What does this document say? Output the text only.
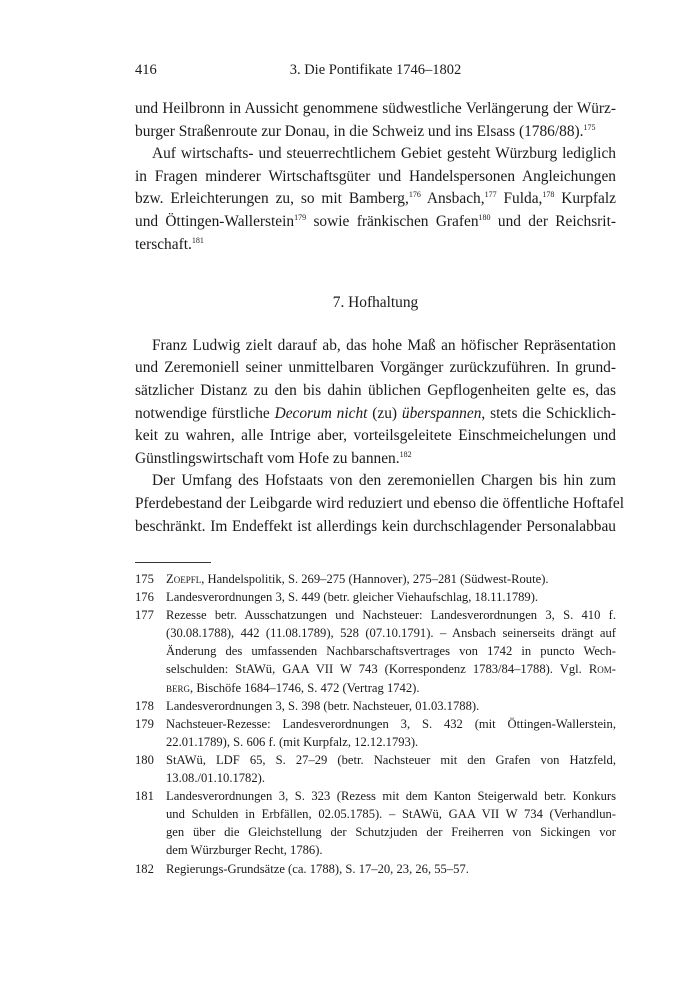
416	3. Die Pontifikate 1746–1802
und Heilbronn in Aussicht genommene südwestliche Verlängerung der Würz-
burger Straßenroute zur Donau, in die Schweiz und ins Elsass (1786/88).$^{175}$
Auf wirtschafts- und steuerrechtlichem Gebiet gesteht Würzburg lediglich
in Fragen minderer Wirtschaftsgüter und Handelspersonen Angleichungen
bzw. Erleichterungen zu, so mit Bamberg,$^{176}$ Ansbach,$^{177}$ Fulda,$^{178}$ Kurpfalz
und Öttingen-Wallerstein$^{179}$ sowie fränkischen Grafen$^{180}$ und der Reichsrit-
terschaft.$^{181}$
7. Hofhaltung
Franz Ludwig zielt darauf ab, das hohe Maß an höfischer Repräsentation
und Zeremoniell seiner unmittelbaren Vorgänger zurückzuführen. In grund-
sätzlicher Distanz zu den bis dahin üblichen Gepflogenheiten gelte es, das
notwendige fürstliche Decorum nicht (zu) überspannen, stets die Schicklich-
keit zu wahren, alle Intrige aber, vorteilsgeleitete Einschmeichelungen und
Günstlingswirtschaft vom Hofe zu bannen.$^{182}$
Der Umfang des Hofstaats von den zeremoniellen Chargen bis hin zum
Pferdebestand der Leibgarde wird reduziert und ebenso die öffentliche Hoftafel
beschränkt. Im Endeffekt ist allerdings kein durchschlagender Personalabbau
175 Zoepfl, Handelspolitik, S. 269–275 (Hannover), 275–281 (Südwest-Route).
176 Landesverordnungen 3, S. 449 (betr. gleicher Viehaufschlag, 18.11.1789).
177 Rezesse betr. Ausschatzungen und Nachsteuer: Landesverordnungen 3, S. 410 f.
(30.08.1788), 442 (11.08.1789), 528 (07.10.1791). – Ansbach seinerseits drängt auf
Änderung des umfassenden Nachbarschaftsvertrages von 1742 in puncto Wech-
selschulden: StAWü, GAA VII W 743 (Korrespondenz 1783/84–1788). Vgl. Rom-
berg, Bischöfe 1684–1746, S. 472 (Vertrag 1742).
178 Landesverordnungen 3, S. 398 (betr. Nachsteuer, 01.03.1788).
179 Nachsteuer-Rezesse: Landesverordnungen 3, S. 432 (mit Öttingen-Wallerstein,
22.01.1789), S. 606 f. (mit Kurpfalz, 12.12.1793).
180 StAWü, LDF 65, S. 27–29 (betr. Nachsteuer mit den Grafen von Hatzfeld,
13.08./01.10.1782).
181 Landesverordnungen 3, S. 323 (Rezess mit dem Kanton Steigerwald betr. Konkurs
und Schulden in Erbfällen, 02.05.1785). – StAWü, GAA VII W 734 (Verhandlun-
gen über die Gleichstellung der Schutzjuden der Freiherren von Sickingen vor
dem Würzburger Recht, 1786).
182 Regierungs-Grundsätze (ca. 1788), S. 17–20, 23, 26, 55–57.
